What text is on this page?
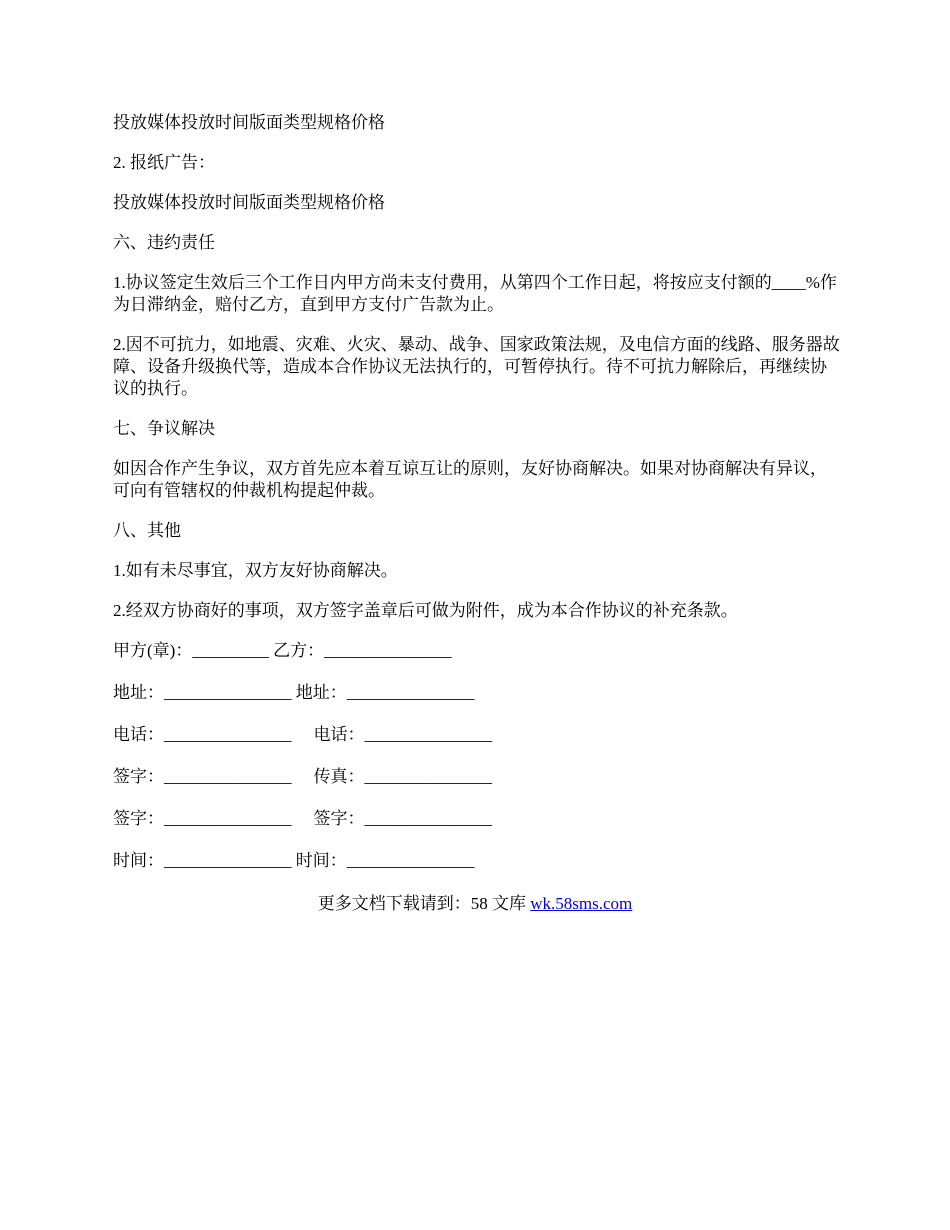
投放媒体投放时间版面类型规格价格

2. 报纸广告：

投放媒体投放时间版面类型规格价格

六、违约责任

1.协议签定生效后三个工作日内甲方尚未支付费用，从第四个工作日起，将按应支付额的____%作为日滞纳金，赔付乙方，直到甲方支付广告款为止。

2.因不可抗力，如地震、灾难、火灾、暴动、战争、国家政策法规，及电信方面的线路、服务器故障、设备升级换代等，造成本合作协议无法执行的，可暂停执行。待不可抗力解除后，再继续协议的执行。

七、争议解决

如因合作产生争议，双方首先应本着互谅互让的原则，友好协商解决。如果对协商解决有异议，可向有管辖权的仲裁机构提起仲裁。

八、其他

1.如有未尽事宜，双方友好协商解决。

2.经双方协商好的事项，双方签字盖章后可做为附件，成为本合作协议的补充条款。

甲方(章)：_________ 乙方：_______________
地址：_______________ 地址：_______________
电话：_______________ 电话：_______________
签字：_______________ 传真：_______________
签字：_______________ 签字：_______________
时间：_______________ 时间：_______________
更多文档下载请到：58 文库 wk.58sms.com
